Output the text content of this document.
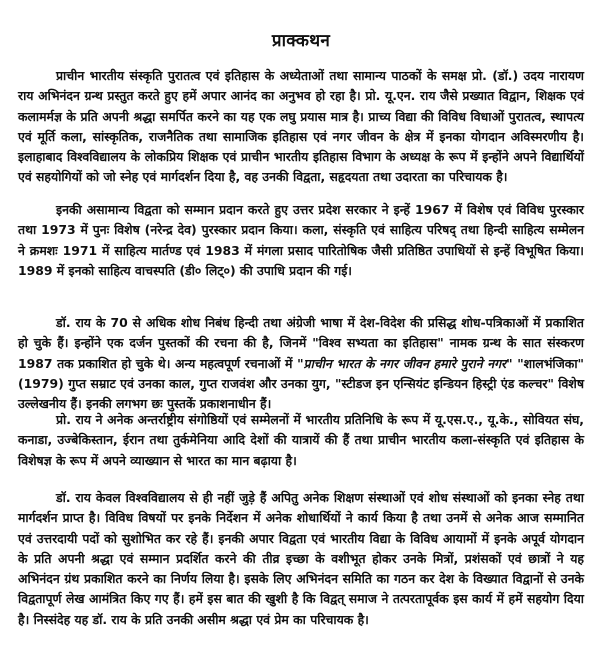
प्राक्कथन

प्राचीन भारतीय संस्कृति पुरातत्व एवं इतिहास के अध्येताओं तथा सामान्य पाठकों के समक्ष प्रो. (डॉ.) उदय नारायण राय अभिनंदन ग्रन्थ प्रस्तुत करते हुए हमें अपार आनंद का अनुभव हो रहा है। प्रो. यू.एन. राय जैसे प्रख्यात विद्वान, शिक्षक एवं कलामर्मज्ञ के प्रति अपनी श्रद्धा समर्पित करने का यह एक लघु प्रयास मात्र है। प्राच्य विद्या की विविध विधाओं पुरातत्व, स्थापत्य एवं मूर्ति कला, सांस्कृतिक, राजनैतिक तथा सामाजिक इतिहास एवं नगर जीवन के क्षेत्र में इनका योगदान अविस्मरणीय है। इलाहाबाद विश्वविद्यालय के लोकप्रिय शिक्षक एवं प्राचीन भारतीय इतिहास विभाग के अध्यक्ष के रूप में इन्होंने अपने विद्यार्थियों एवं सहयोगियों को जो स्नेह एवं मार्गदर्शन दिया है, वह उनकी विद्वता, सहृदयता तथा उदारता का परिचायक है।

इनकी असामान्य विद्वता को सम्मान प्रदान करते हुए उत्तर प्रदेश सरकार ने इन्हें 1967 में विशेष एवं विविध पुरस्कार तथा 1973 में पुनः विशेष (नरेन्द्र देव) पुरस्कार प्रदान किया। कला, संस्कृति एवं साहित्य परिषद् तथा हिन्दी साहित्य सम्मेलन ने क्रमशः 1971 में साहित्य मार्तण्ड एवं 1983 में मंगला प्रसाद पारितोषिक जैसी प्रतिष्ठित उपाधियों से इन्हें विभूषित किया। 1989 में इनको साहित्य वाचस्पति (डी० लिट्०) की उपाधि प्रदान की गई।

डॉ. राय के 70 से अधिक शोध निबंध हिन्दी तथा अंग्रेजी भाषा में देश-विदेश की प्रसिद्ध शोध-पत्रिकाओं में प्रकाशित हो चुके हैं। इन्होंने एक दर्जन पुस्तकों की रचना की है, जिनमें "विश्व सभ्यता का इतिहास" नामक ग्रन्थ के सात संस्करण 1987 तक प्रकाशित हो चुके थे। अन्य महत्वपूर्ण रचनाओं में "प्राचीन भारत के नगर जीवन हमारे पुराने नगर" "शालभंजिका" (1979) गुप्त सम्राट एवं उनका काल, गुप्त राजवंश और उनका युग, "स्टीडज इन एन्सियंट इन्डियन हिस्ट्री एंड कल्चर" विशेष उल्लेखनीय हैं। इनकी लगभग छः पुस्तकें प्रकाशनाधीन हैं।

प्रो. राय ने अनेक अन्तर्राष्ट्रीय संगोष्ठियों एवं सम्मेलनों में भारतीय प्रतिनिधि के रूप में यू.एस.ए., यू.के., सोवियत संघ, कनाडा, उज्बेकिस्तान, ईरान तथा तुर्कमेनिया आदि देशों की यात्रायें की हैं तथा प्राचीन भारतीय कला-संस्कृति एवं इतिहास के विशेषज्ञ के रूप में अपने व्याख्यान से भारत का मान बढ़ाया है।

डॉ. राय केवल विश्वविद्यालय से ही नहीं जुड़े हैं अपितु अनेक शिक्षण संस्थाओं एवं शोध संस्थाओं को इनका स्नेह तथा मार्गदर्शन प्राप्त है। विविध विषयों पर इनके निर्देशन में अनेक शोधार्थियों ने कार्य किया है तथा उनमें से अनेक आज सम्मानित एवं उत्तरदायी पदों को सुशोभित कर रहे हैं। इनकी अपार विद्वता एवं भारतीय विद्या के विविध आयामों में इनके अपूर्व योगदान के प्रति अपनी श्रद्धा एवं सम्मान प्रदर्शित करने की तीव्र इच्छा के वशीभूत होकर उनके मित्रों, प्रशंसकों एवं छात्रों ने यह अभिनंदन ग्रंथ प्रकाशित करने का निर्णय लिया है। इसके लिए अभिनंदन समिति का गठन कर देश के विख्यात विद्वानों से उनके विद्वतापूर्ण लेख आमंत्रित किए गए हैं। हमें इस बात की खुशी है कि विद्वत् समाज ने तत्परतापूर्वक इस कार्य में हमें सहयोग दिया है। निस्संदेह यह डॉ. राय के प्रति उनकी असीम श्रद्धा एवं प्रेम का परिचायक है।
